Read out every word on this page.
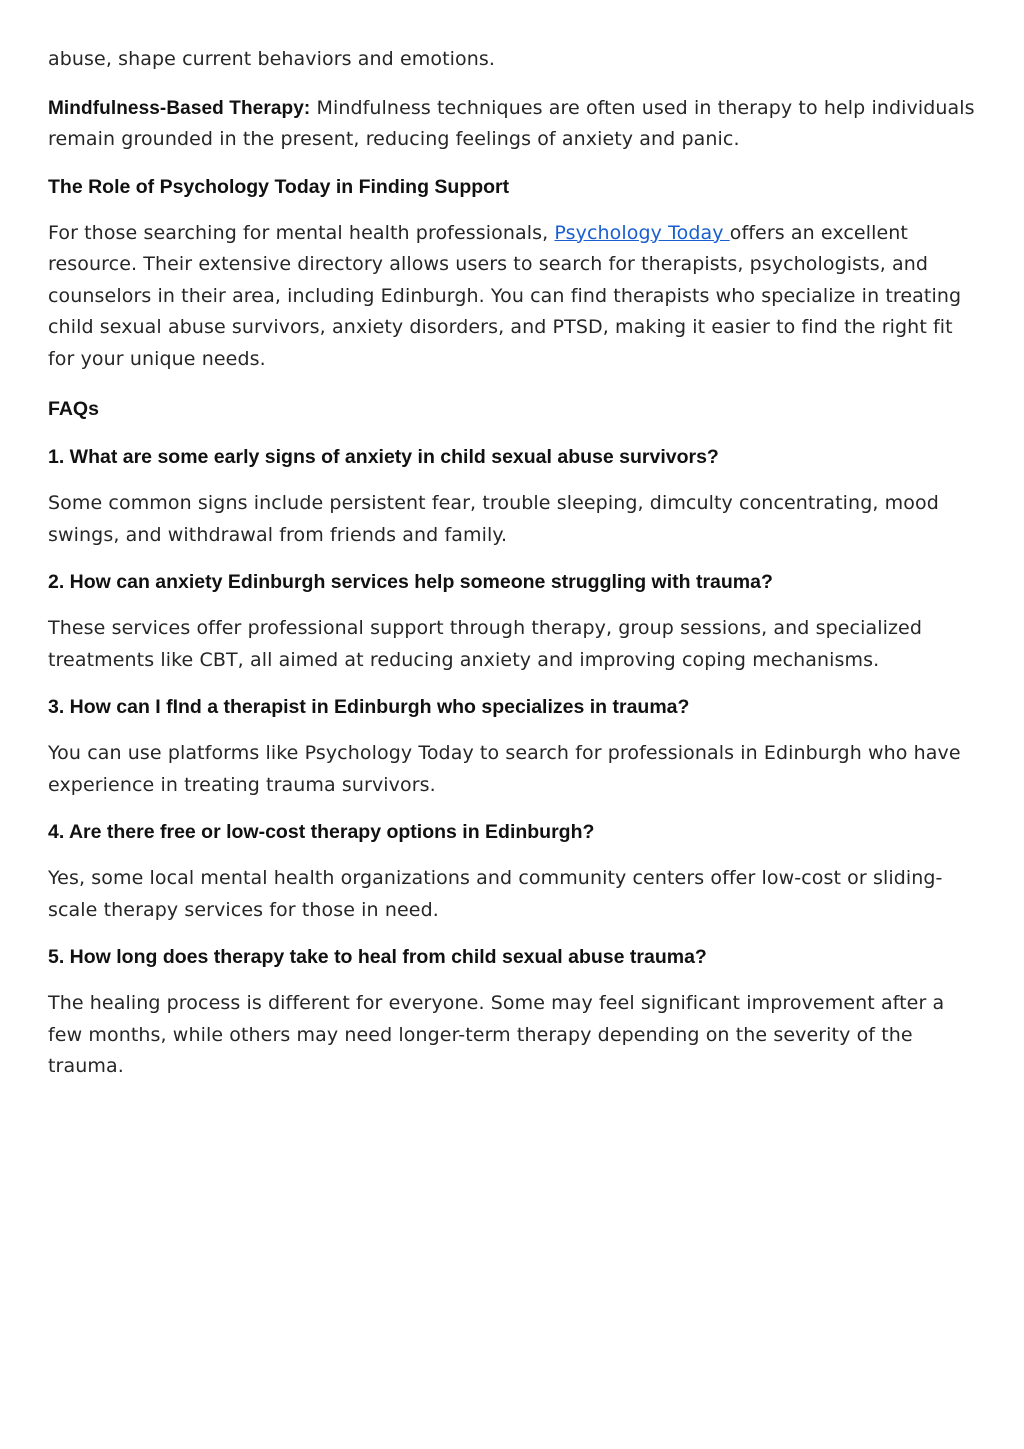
abuse, shape current behaviors and emotions.

Mindfulness-Based Therapy: Mindfulness techniques are often used in therapy to help individuals remain grounded in the present, reducing feelings of anxiety and panic.

The Role of Psychology Today in Finding Support

For those searching for mental health professionals, Psychology Today offers an excellent resource. Their extensive directory allows users to search for therapists, psychologists, and counselors in their area, including Edinburgh. You can find therapists who specialize in treating child sexual abuse survivors, anxiety disorders, and PTSD, making it easier to find the right fit for your unique needs.

FAQs
1. What are some early signs of anxiety in child sexual abuse survivors?

Some common signs include persistent fear, trouble sleeping, dimculty concentrating, mood swings, and withdrawal from friends and family.

2. How can anxiety Edinburgh services help someone struggling with trauma?

These services offer professional support through therapy, group sessions, and specialized treatments like CBT, all aimed at reducing anxiety and improving coping mechanisms.

3. How can I fInd a therapist in Edinburgh who specializes in trauma?

You can use platforms like Psychology Today to search for professionals in Edinburgh who have experience in treating trauma survivors.

4. Are there free or low-cost therapy options in Edinburgh?

Yes, some local mental health organizations and community centers offer low-cost or sliding-scale therapy services for those in need.

5. How long does therapy take to heal from child sexual abuse trauma?

The healing process is different for everyone. Some may feel significant improvement after a few months, while others may need longer-term therapy depending on the severity of the trauma.
